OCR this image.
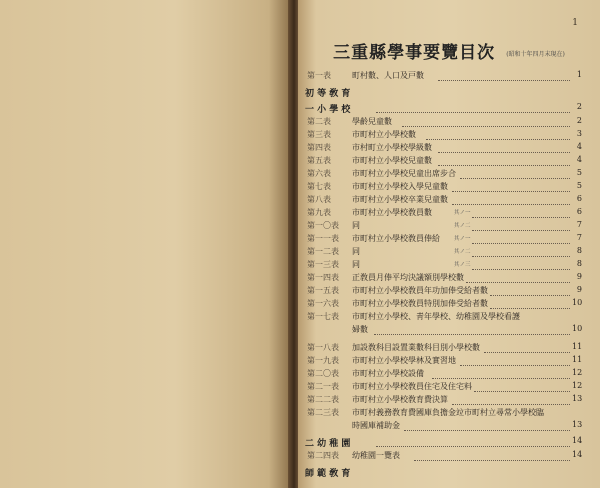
1
三重縣學事要覽目次 (昭和十年四月末現在)
第一表	町村數、人口及戸數	1
初 等 敎 育
一 小 學 校	2
第二表	學齡兒童數	2
第三表	市町村立小學校數	3
第四表	市村町立小學校學級數	4
第五表	市町村立小學校兒童數	4
第六表	市町村立小學校兒童出席步合	5
第七表	市町村立小學校入學兒童數	5
第八表	市町村立小學校卒業兒童數	6
第九表	市町村立小學校敎員數	其ノ一	6
第一〇表 同	其ノ二	7
第一一表 市町村立小學校敎員俸給	其ノ一	7
第一二表 同	其ノ二	8
第一三表 同	其ノ三	8
第一四表 正敎員月俸平均決議額別學校數	9
第一五表 市町村立小學校敎員年功加俸受給者數	9
第一六表 市町村立小學校敎員特別加俸受給者數	10
第一七表 市町村立小學校、靑年學校、幼稚園及學校看護
婦數	10
第一八表 加設敎科目設置業數科目別小學校數	11
第一九表 市町村立小學校學林及實習地	11
第二〇表 市町村立小學校設備	12
第二一表 市町村立小學校敎員住宅及住宅料	12
第二二表 市町村立小學校敎育費決算	13
第二三表 市町村義務敎育費國庫負擔金竝市町村立尋常小學校臨
時國庫補助金	13
二 幼 稚 園	14
第二四表 幼稚園一覽表	14
師 範 敎 育
